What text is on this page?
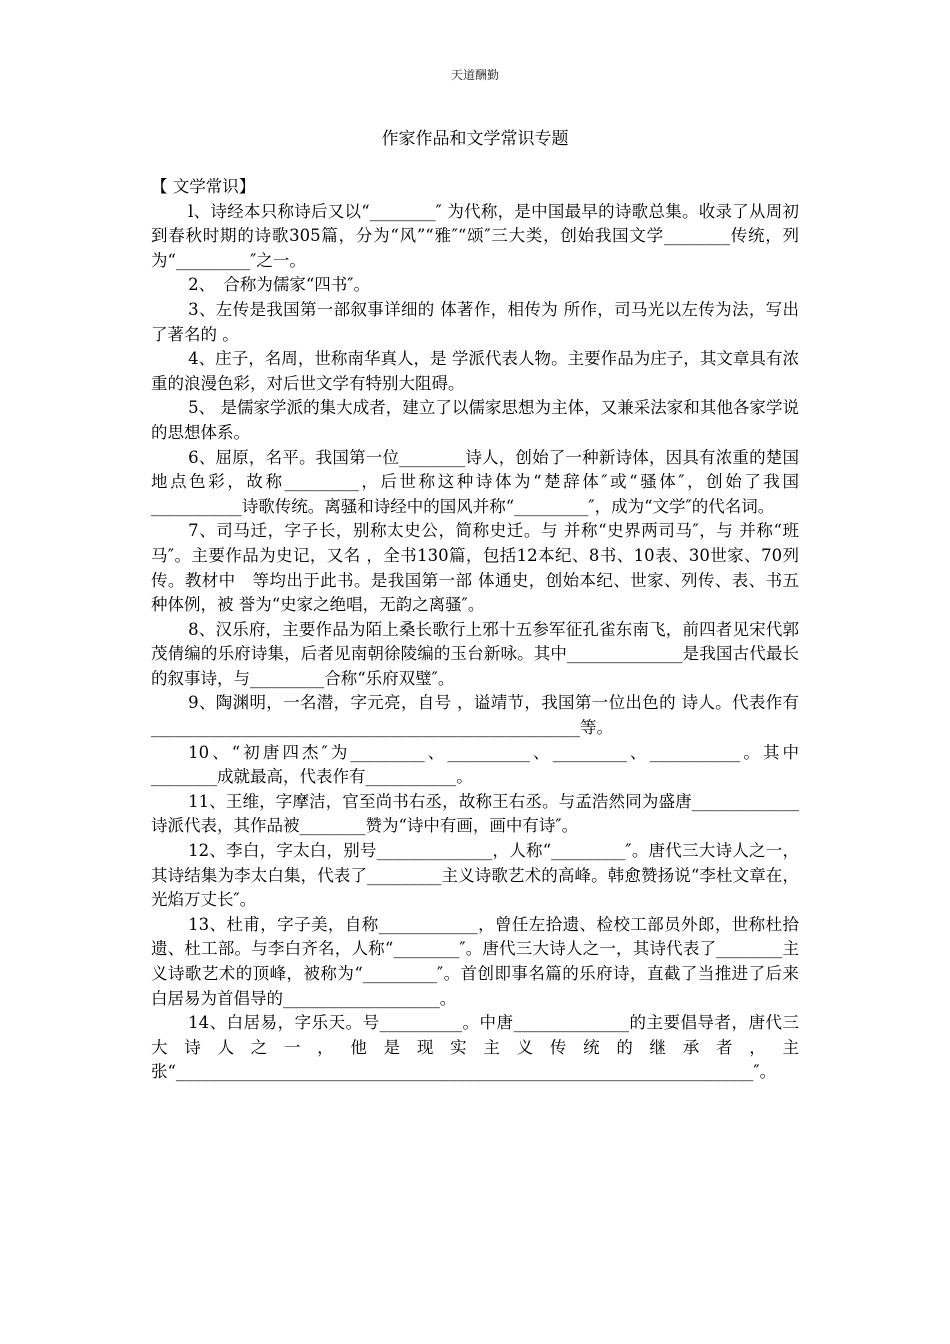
天道酬勤
作家作品和文学常识专题

【 文学常识】

l、诗经本只称诗后又以“________″ 为代称，是中国最早的诗歌总集。收录了从周初到春秋时期的诗歌305篇，分为“风”“雅″“颂″三大类，创始我国文学________传统，列为“_________″之一。

2、　合称为儒家“四书″。

3、左传是我国第一部叙事详细的 体著作，相传为 所作，司马光以左传为法，写出了著名的 。

4、庄子，名周，世称南华真人，是 学派代表人物。主要作品为庄子，其文章具有浓重的浪漫色彩，对后世文学有特别大阻碍。

5、 是儒家学派的集大成者，建立了以儒家思想为主体，又兼采法家和其他各家学说的思想体系。

6、屈原，名平。我国第一位________诗人，创始了一种新诗体，因具有浓重的楚国地点色彩，故称_________，后世称这种诗体为“楚辞体″或“骚体″，创始了我国___________诗歌传统。离骚和诗经中的国风并称“_________″，成为“文学″的代名词。

7、司马迁，字子长，别称太史公，简称史迁。与 并称“史界两司马″，与 并称“班马″。主要作品为史记，又名 ，全书130篇，包括12本纪、8书、10表、30世家、70列传。教材中　等均出于此书。是我国第一部 体通史，创始本纪、世家、列传、表、书五种体例，被 誉为“史家之绝唱，无韵之离骚″。

8、汉乐府，主要作品为陌上桑长歌行上邪十五参军征孔雀东南飞，前四者见宋代郭茂倩编的乐府诗集，后者见南朝徐陵编的玉台新咏。其中______________是我国古代最长的叙事诗，与_________合称“乐府双璧″。

9、陶渊明，一名潜，字元亮，自号 ，谥靖节，我国第一位出色的 诗人。代表作有____________________________________________________等。

10、“初唐四杰″为_________、__________、_________、___________。其中________成就最高，代表作有___________。

11、王维，字摩洁，官至尚书右丞，故称王右丞。与孟浩然同为盛唐_____________诗派代表，其作品被________赞为“诗中有画，画中有诗″。

12、李白，字太白，别号______________，人称“_________″。唐代三大诗人之一，其诗结集为李太白集，代表了_________主义诗歌艺术的高峰。韩愈赞扬说“李杜文章在，光焰万丈长″。

13、杜甫，字子美，自称____________，曾任左拾遗、检校工部员外郎，世称杜拾遗、杜工部。与李白齐名，人称“________″。唐代三大诗人之一，其诗代表了________主义诗歌艺术的顶峰，被称为“_________″。首创即事名篇的乐府诗，直截了当推进了后来白居易为首倡导的___________________。

14、白居易，字乐天。号__________。中唐______________的主要倡导者，唐代三大诗人之一，他是现实主义传统的继承者，主张“______________________________________________________________________″。
